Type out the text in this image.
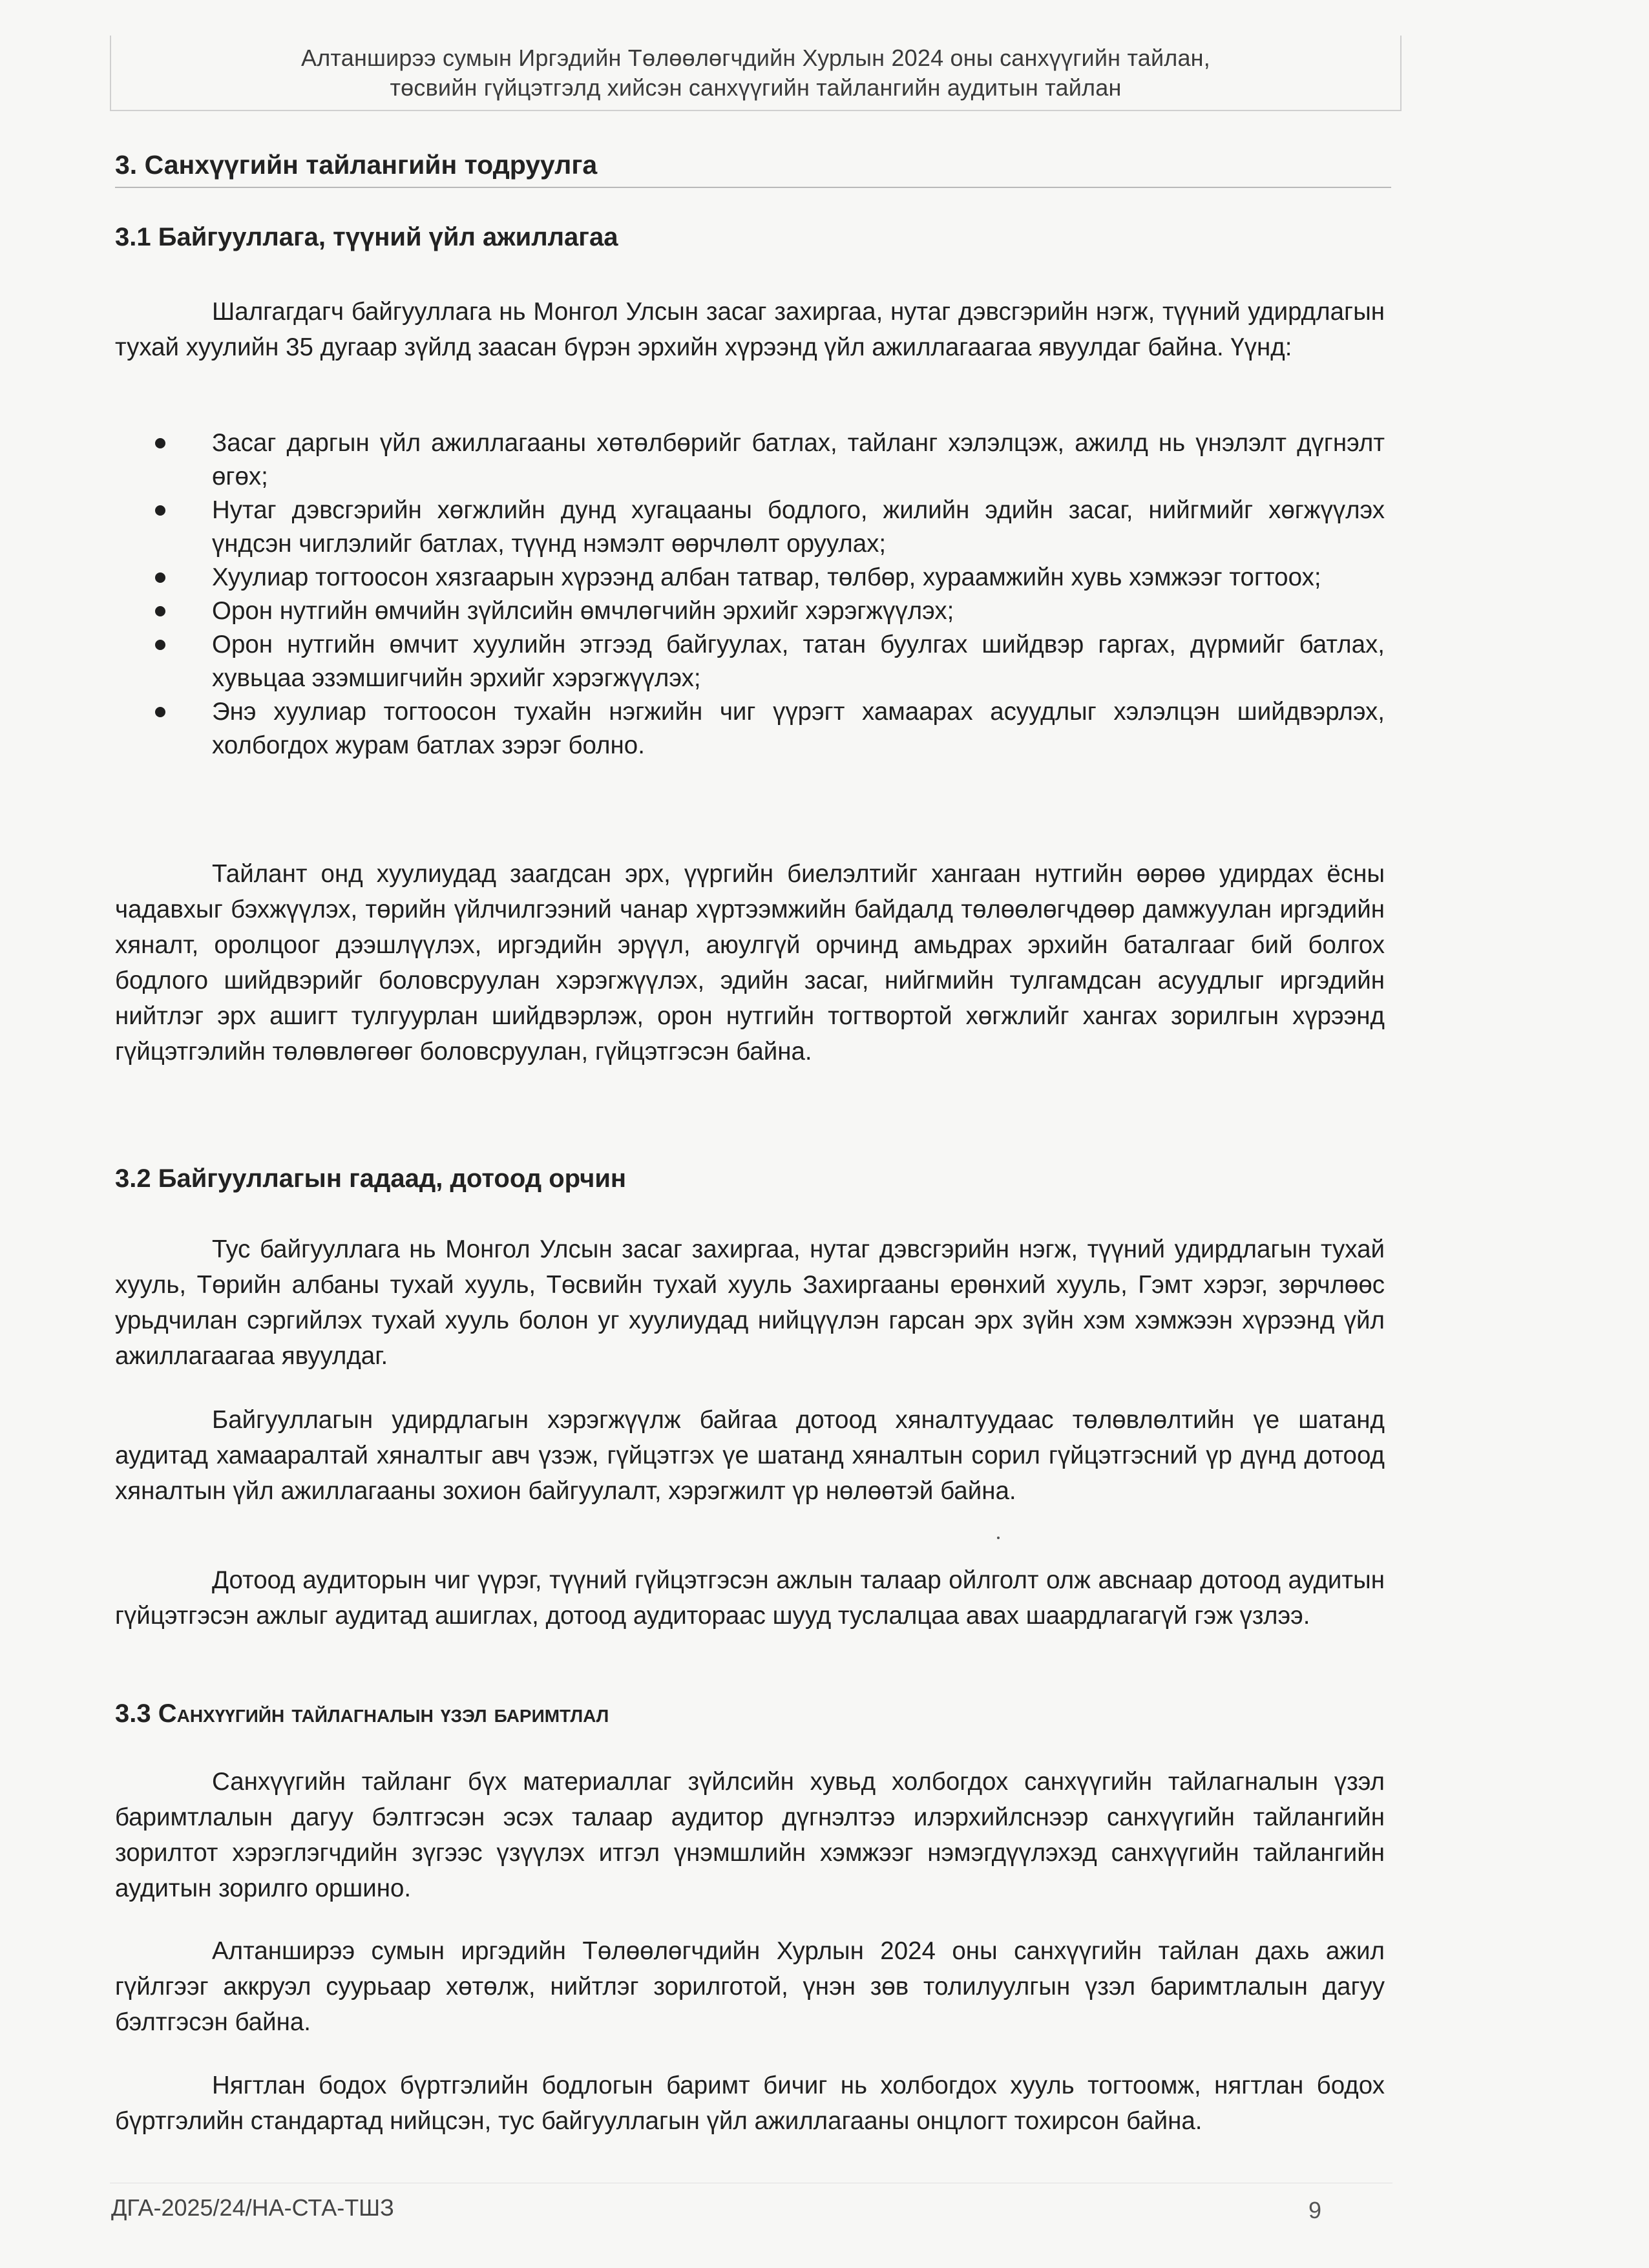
Алтанширээ сумын Иргэдийн Төлөөлөгчдийн Хурлын 2024 оны санхүүгийн тайлан,
төсвийн гүйцэтгэлд хийсэн санхүүгийн тайлангийн аудитын тайлан
3. Санхүүгийн тайлангийн тодруулга
3.1 Байгууллага, түүний үйл ажиллагаа
Шалгагдагч байгууллага нь Монгол Улсын засаг захиргаа, нутаг дэвсгэрийн нэгж, түүний удирдлагын тухай хуулийн 35 дугаар зүйлд заасан бүрэн эрхийн хүрээнд үйл ажиллагаагаа явуулдаг байна. Үүнд:
Засаг даргын үйл ажиллагааны хөтөлбөрийг батлах, тайланг хэлэлцэж, ажилд нь үнэлэлт дүгнэлт өгөх;
Нутаг дэвсгэрийн хөгжлийн дунд хугацааны бодлого, жилийн эдийн засаг, нийгмийг хөгжүүлэх үндсэн чиглэлийг батлах, түүнд нэмэлт өөрчлөлт оруулах;
Хуулиар тогтоосон хязгаарын хүрээнд албан татвар, төлбөр, хураамжийн хувь хэмжээг тогтоох;
Орон нутгийн өмчийн зүйлсийн өмчлөгчийн эрхийг хэрэгжүүлэх;
Орон нутгийн өмчит хуулийн этгээд байгуулах, татан буулгах шийдвэр гаргах, дүрмийг батлах, хувьцаа эзэмшигчийн эрхийг хэрэгжүүлэх;
Энэ хуулиар тогтоосон тухайн нэгжийн чиг үүрэгт хамаарах асуудлыг хэлэлцэн шийдвэрлэх, холбогдох журам батлах зэрэг болно.
Тайлант онд хуулиудад заагдсан эрх, үүргийн биелэлтийг хангаан нутгийн өөрөө удирдах ёсны чадавхыг бэхжүүлэх, төрийн үйлчилгээний чанар хүртээмжийн байдалд төлөөлөгчдөөр дамжуулан иргэдийн хяналт, оролцоог дээшлүүлэх, иргэдийн эрүүл, аюулгүй орчинд амьдрах эрхийн баталгааг бий болгох бодлого шийдвэрийг боловсруулан хэрэгжүүлэх, эдийн засаг, нийгмийн тулгамдсан асуудлыг иргэдийн нийтлэг эрх ашигт тулгуурлан шийдвэрлэж, орон нутгийн тогтвортой хөгжлийг хангах зорилгын хүрээнд гүйцэтгэлийн төлөвлөгөөг боловсруулан, гүйцэтгэсэн байна.
3.2 Байгууллагын гадаад, дотоод орчин
Тус байгууллага нь Монгол Улсын засаг захиргаа, нутаг дэвсгэрийн нэгж, түүний удирдлагын тухай хууль, Төрийн албаны тухай хууль, Төсвийн тухай хууль Захиргааны ерөнхий хууль, Гэмт хэрэг, зөрчлөөс урьдчилан сэргийлэх тухай хууль болон уг хуулиудад нийцүүлэн гарсан эрх зүйн хэм хэмжээн хүрээнд үйл ажиллагаагаа явуулдаг.
Байгууллагын удирдлагын хэрэгжүүлж байгаа дотоод хяналтуудаас төлөвлөлтийн үе шатанд аудитад хамааралтай хяналтыг авч үзэж, гүйцэтгэх үе шатанд хяналтын сорил гүйцэтгэсний үр дүнд дотоод хяналтын үйл ажиллагааны зохион байгуулалт, хэрэгжилт үр нөлөөтэй байна.
Дотоод аудиторын чиг үүрэг, түүний гүйцэтгэсэн ажлын талаар ойлголт олж авснаар дотоод аудитын гүйцэтгэсэн ажлыг аудитад ашиглах, дотоод аудитораас шууд туслалцаа авах шаардлагагүй гэж үзлээ.
3.3 Санхүүгийн тайлагналын үзэл баримтлал
Санхүүгийн тайланг бүх материаллаг зүйлсийн хувьд холбогдох санхүүгийн тайлагналын үзэл баримтлалын дагуу бэлтгэсэн эсэх талаар аудитор дүгнэлтээ илэрхийлснээр санхүүгийн тайлангийн зорилтот хэрэглэгчдийн зүгээс үзүүлэх итгэл үнэмшлийн хэмжээг нэмэгдүүлэхэд санхүүгийн тайлангийн аудитын зорилго оршино.
Алтанширээ сумын иргэдийн Төлөөлөгчдийн Хурлын 2024 оны санхүүгийн тайлан дахь ажил гүйлгээг аккруэл суурьаар хөтөлж, нийтлэг зорилготой, үнэн зөв толилуулгын үзэл баримтлалын дагуу бэлтгэсэн байна.
Нягтлан бодох бүртгэлийн бодлогын баримт бичиг нь холбогдох хууль тогтоомж, нягтлан бодох бүртгэлийн стандартад нийцсэн, тус байгууллагын үйл ажиллагааны онцлогт тохирсон байна.
ДГА-2025/24/НА-СТА-ТШЗ	9
